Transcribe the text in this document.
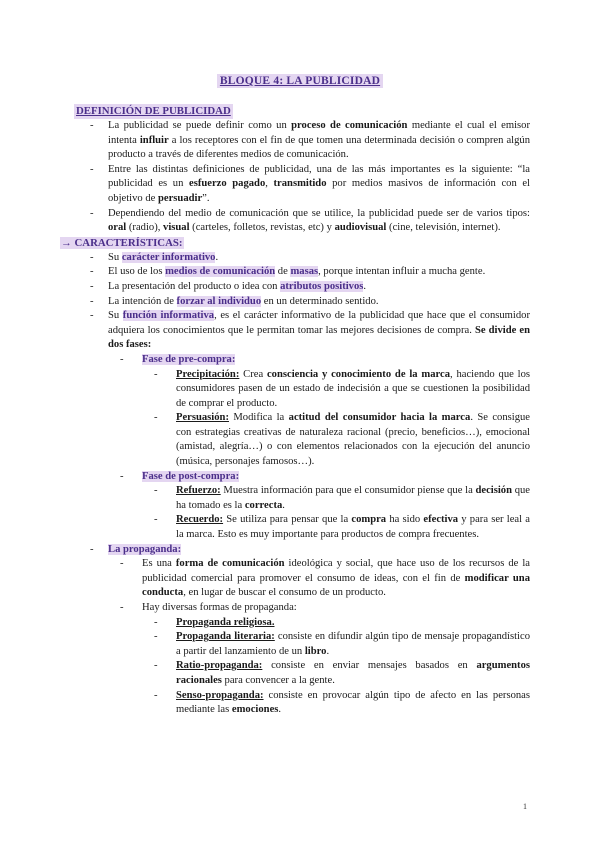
BLOQUE 4: LA PUBLICIDAD
DEFINICIÓN DE PUBLICIDAD
- La publicidad se puede definir como un proceso de comunicación mediante el cual el emisor intenta influir a los receptores con el fin de que tomen una determinada decisión o compren algún producto a través de diferentes medios de comunicación.
- Entre las distintas definiciones de publicidad, una de las más importantes es la siguiente: “la publicidad es un esfuerzo pagado, transmitido por medios masivos de información con el objetivo de persuadir”.
- Dependiendo del medio de comunicación que se utilice, la publicidad puede ser de varios tipos: oral (radio), visual (carteles, folletos, revistas, etc) y audiovisual (cine, televisión, internet).
→ CARACTERÍSTICAS:
- Su carácter informativo.
- El uso de los medios de comunicación de masas, porque intentan influir a mucha gente.
- La presentación del producto o idea con atributos positivos.
- La intención de forzar al individuo en un determinado sentido.
- Su función informativa, es el carácter informativo de la publicidad que hace que el consumidor adquiera los conocimientos que le permitan tomar las mejores decisiones de compra. Se divide en dos fases:
- Fase de pre-compra:
- Precipitación: Crea consciencia y conocimiento de la marca, haciendo que los consumidores pasen de un estado de indecisión a que se cuestionen la posibilidad de comprar el producto.
- Persuasión: Modifica la actitud del consumidor hacia la marca. Se consigue con estrategias creativas de naturaleza racional (precio, beneficios…), emocional (amistad, alegría…) o con elementos relacionados con la ejecución del anuncio (música, personajes famosos…).
- Fase de post-compra:
- Refuerzo: Muestra información para que el consumidor piense que la decisión que ha tomado es la correcta.
- Recuerdo: Se utiliza para pensar que la compra ha sido efectiva y para ser leal a la marca. Esto es muy importante para productos de compra frecuentes.
- La propaganda:
- Es una forma de comunicación ideológica y social, que hace uso de los recursos de la publicidad comercial para promover el consumo de ideas, con el fin de modificar una conducta, en lugar de buscar el consumo de un producto.
- Hay diversas formas de propaganda:
- Propaganda religiosa.
- Propaganda literaria: consiste en difundir algún tipo de mensaje propagandístico a partir del lanzamiento de un libro.
- Ratio-propaganda: consiste en enviar mensajes basados en argumentos racionales para convencer a la gente.
- Senso-propaganda: consiste en provocar algún tipo de afecto en las personas mediante las emociones.
1
